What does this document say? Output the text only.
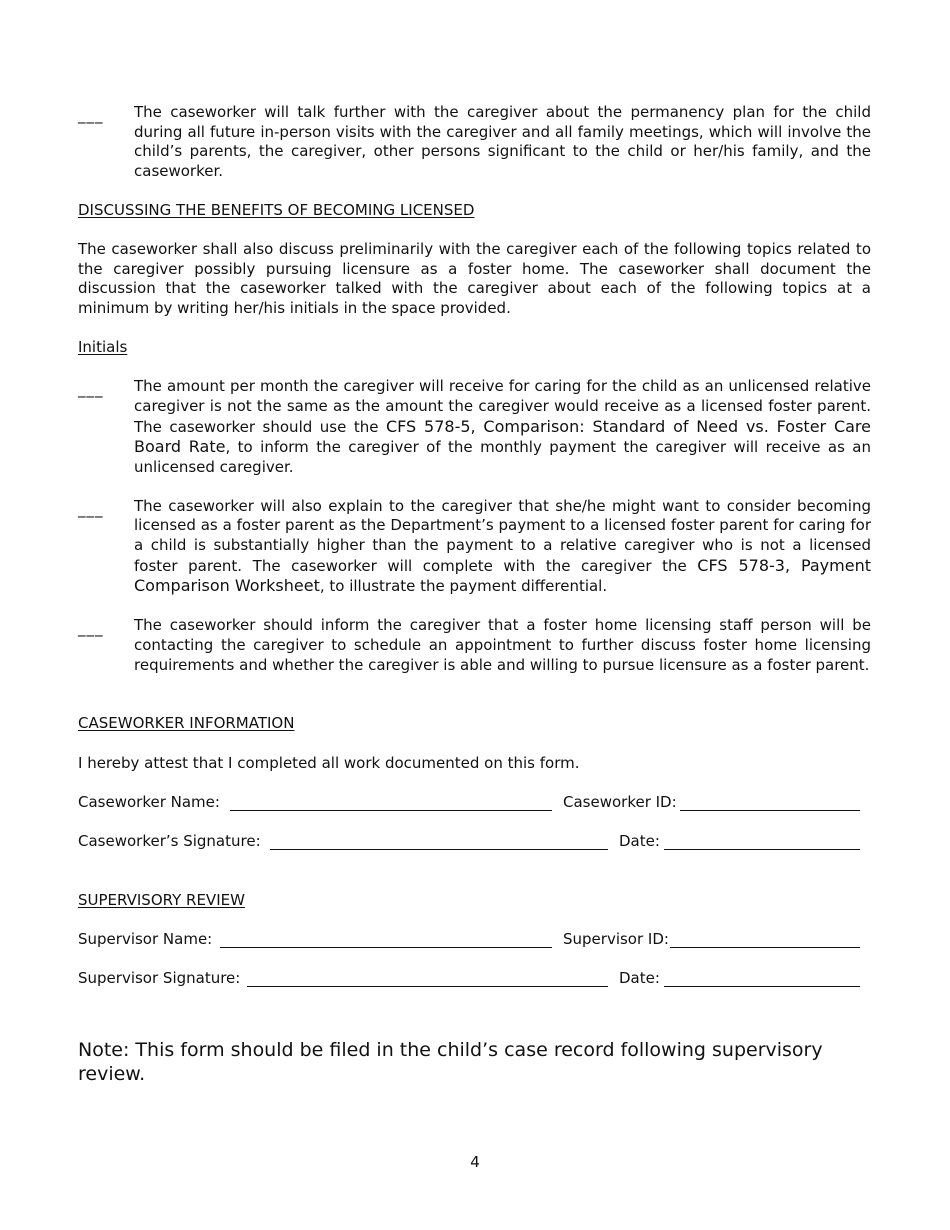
___ The caseworker will talk further with the caregiver about the permanency plan for the child during all future in-person visits with the caregiver and all family meetings, which will involve the child’s parents, the caregiver, other persons significant to the child or her/his family, and the caseworker.
DISCUSSING THE BENEFITS OF BECOMING LICENSED
The caseworker shall also discuss preliminarily with the caregiver each of the following topics related to the caregiver possibly pursuing licensure as a foster home. The caseworker shall document the discussion that the caseworker talked with the caregiver about each of the following topics at a minimum by writing her/his initials in the space provided.
Initials
___ The amount per month the caregiver will receive for caring for the child as an unlicensed relative caregiver is not the same as the amount the caregiver would receive as a licensed foster parent. The caseworker should use the CFS 578-5, Comparison: Standard of Need vs. Foster Care Board Rate, to inform the caregiver of the monthly payment the caregiver will receive as an unlicensed caregiver.
___ The caseworker will also explain to the caregiver that she/he might want to consider becoming licensed as a foster parent as the Department’s payment to a licensed foster parent for caring for a child is substantially higher than the payment to a relative caregiver who is not a licensed foster parent. The caseworker will complete with the caregiver the CFS 578-3, Payment Comparison Worksheet, to illustrate the payment differential.
___ The caseworker should inform the caregiver that a foster home licensing staff person will be contacting the caregiver to schedule an appointment to further discuss foster home licensing requirements and whether the caregiver is able and willing to pursue licensure as a foster parent.
CASEWORKER INFORMATION
I hereby attest that I completed all work documented on this form.
Caseworker Name:	Caseworker ID:
Caseworker’s Signature:	Date:
SUPERVISORY REVIEW
Supervisor Name:	Supervisor ID:
Supervisor Signature:	Date:
Note: This form should be filed in the child’s case record following supervisory review.
4
